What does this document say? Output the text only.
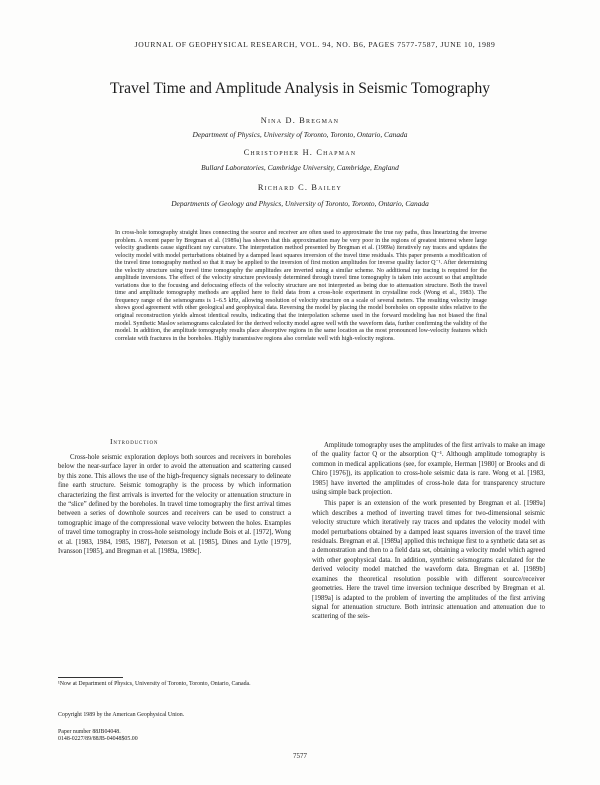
JOURNAL OF GEOPHYSICAL RESEARCH, VOL. 94, NO. B6, PAGES 7577-7587, JUNE 10, 1989
Travel Time and Amplitude Analysis in Seismic Tomography
Nina D. Bregman
Department of Physics, University of Toronto, Toronto, Ontario, Canada
Christopher H. Chapman
Bullard Laboratories, Cambridge University, Cambridge, England
Richard C. Bailey
Departments of Geology and Physics, University of Toronto, Toronto, Ontario, Canada

In cross-hole tomography straight lines connecting the source and receiver are often used to approximate the true ray paths, thus linearizing the inverse problem. A recent paper by Bregman et al. (1989a) has shown that this approximation may be very poor in the regions of greatest interest where large velocity gradients cause significant ray curvature. The interpretation method presented by Bregman et al. (1989a) iteratively ray traces and updates the velocity model with model perturbations obtained by a damped least squares inversion of the travel time residuals. This paper presents a modification of the travel time tomography method so that it may be applied to the inversion of first motion amplitudes for inverse quality factor Q⁻¹. After determining the velocity structure using travel time tomography the amplitudes are inverted using a similar scheme. No additional ray tracing is required for the amplitude inversions. The effect of the velocity structure previously determined through travel time tomography is taken into account so that amplitude variations due to the focusing and defocusing effects of the velocity structure are not interpreted as being due to attenuation structure. Both the travel time and amplitude tomography methods are applied here to field data from a cross-hole experiment in crystalline rock (Wong et al., 1983). The frequency range of the seismograms is 1–6.5 kHz, allowing resolution of velocity structure on a scale of several meters. The resulting velocity image shows good agreement with other geological and geophysical data. Reversing the model by placing the model boreholes on opposite sides relative to the original reconstruction yields almost identical results, indicating that the interpolation scheme used in the forward modeling has not biased the final model. Synthetic Maslov seismograms calculated for the derived velocity model agree well with the waveform data, further confirming the validity of the model. In addition, the amplitude tomography results place absorptive regions in the same location as the most pronounced low-velocity features which correlate with fractures in the boreholes. Highly transmissive regions also correlate well with high-velocity regions.

Introduction

Cross-hole seismic exploration deploys both sources and receivers in boreholes below the near-surface layer in order to avoid the attenuation and scattering caused by this zone. This allows the use of the high-frequency signals necessary to delineate fine earth structure. Seismic tomography is the process by which information characterizing the first arrivals is inverted for the velocity or attenuation structure in the “slice” defined by the boreholes. In travel time tomography the first arrival times between a series of downhole sources and receivers can be used to construct a tomographic image of the compressional wave velocity between the holes. Examples of travel time tomography in cross-hole seismology include Bois et al. [1972], Wong et al. [1983, 1984, 1985, 1987], Peterson et al. [1985], Dines and Lytle [1979], Ivansson [1985], and Bregman et al. [1989a, 1989c].

Amplitude tomography uses the amplitudes of the first arrivals to make an image of the quality factor Q or the absorption Q⁻¹. Although amplitude tomography is common in medical applications (see, for example, Herman [1980] or Brooks and di Chiro [1976]), its application to cross-hole seismic data is rare. Wong et al. [1983, 1985] have inverted the amplitudes of cross-hole data for transparency structure using simple back projection.

This paper is an extension of the work presented by Bregman et al. [1989a] which describes a method of inverting travel times for two-dimensional seismic velocity structure which iteratively ray traces and updates the velocity model with model perturbations obtained by a damped least squares inversion of the travel time residuals. Bregman et al. [1989a] applied this technique first to a synthetic data set as a demonstration and then to a field data set, obtaining a velocity model which agreed with other geophysical data. In addition, synthetic seismograms calculated for the derived velocity model matched the waveform data. Bregman et al. [1989b] examines the theoretical resolution possible with different source/receiver geometries. Here the travel time inversion technique described by Bregman et al. [1989a] is adapted to the problem of inverting the amplitudes of the first arriving signal for attenuation structure. Both intrinsic attenuation and attenuation due to scattering of the seis-

¹Now at Department of Physics, University of Toronto, Toronto, Ontario, Canada.

Copyright 1989 by the American Geophysical Union.

Paper number 88JB04048.
0148-0227/89/88JB-04048$05.00

7577
